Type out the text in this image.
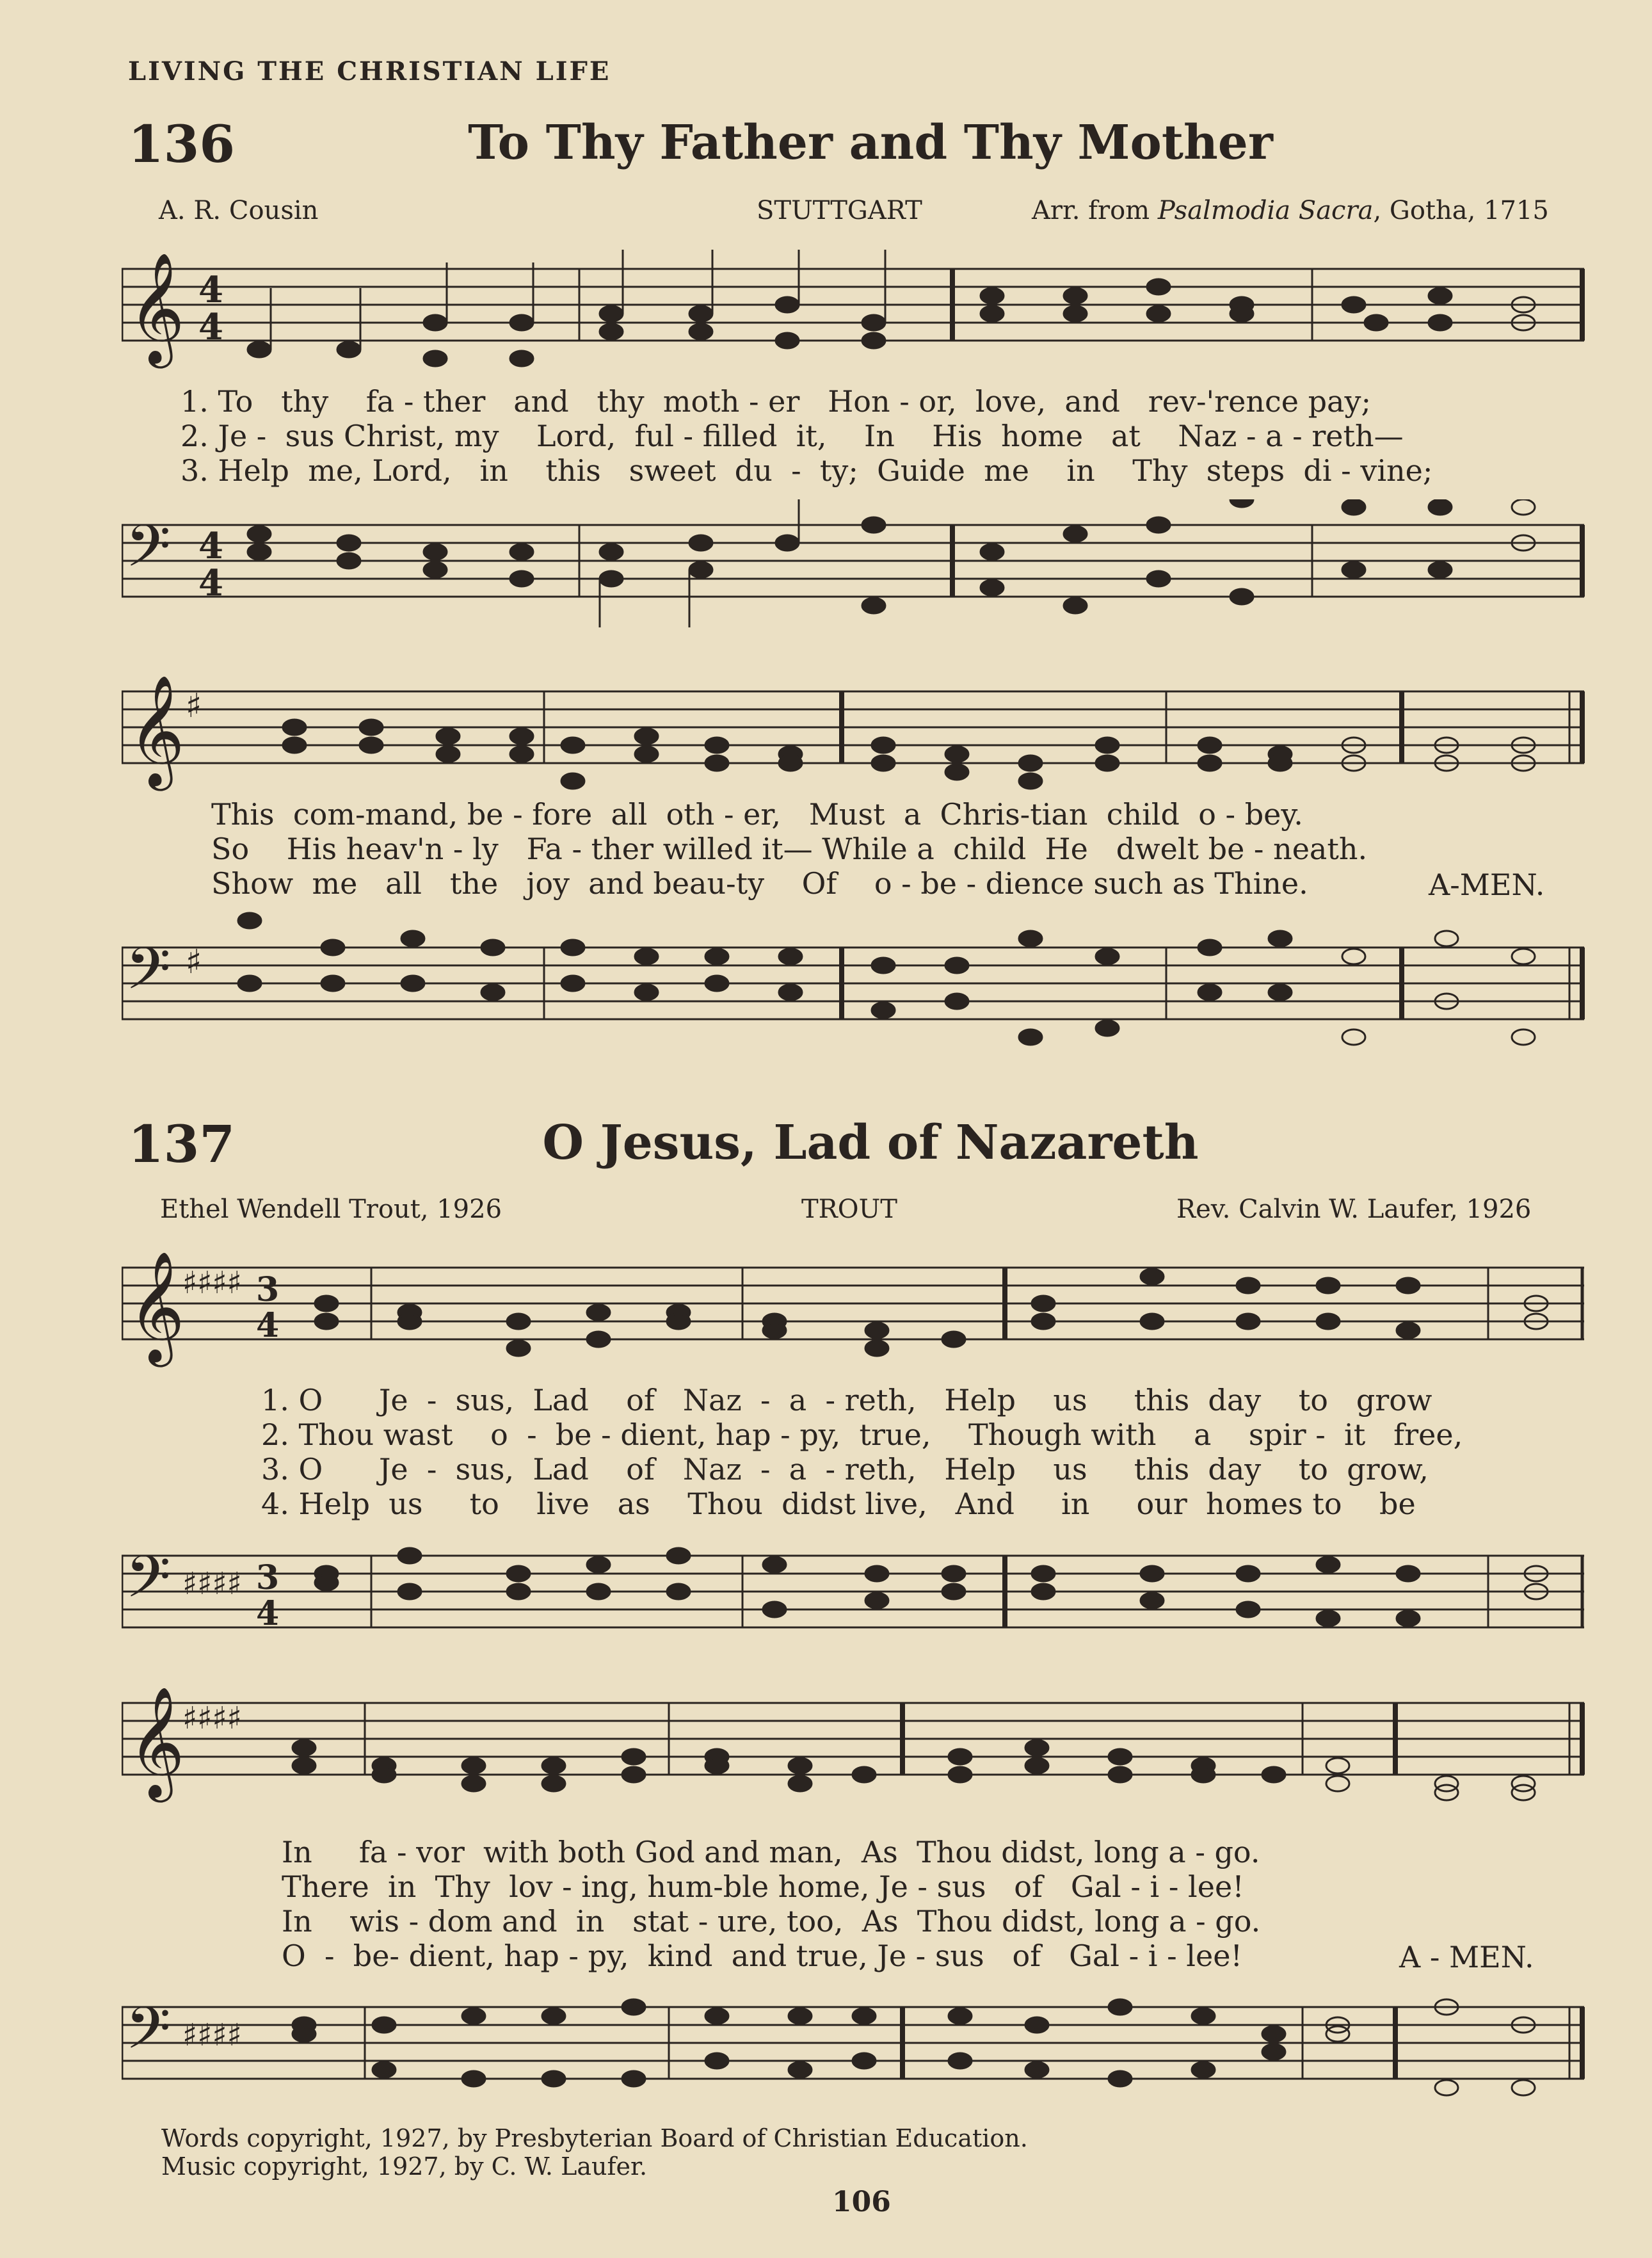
LIVING THE CHRISTIAN LIFE
136	To Thy Father and Thy Mother
A. R. Cousin	STUTTGART	Arr. from Psalmodia Sacra, Gotha, 1715
𝄞 4
4
1. To   thy    fa - ther   and   thy  moth - er   Hon - or,  love,  and   rev-'rence pay;
2. Je -  sus Christ, my    Lord,  ful - filled  it,    In    His  home   at    Naz - a - reth—
3. Help  me, Lord,   in    this   sweet  du  -  ty;  Guide  me    in    Thy  steps  di - vine;
𝄢 4
4
𝄞 ♯
This  com-mand, be - fore  all  oth - er,   Must  a  Chris-tian  child  o - bey.
So    His heav'n - ly   Fa - ther willed it— While a  child  He   dwelt be - neath.
Show  me   all   the   joy  and beau-ty    Of    o - be - dience such as Thine.	A-MEN.
𝄢 ♯
137	O Jesus, Lad of Nazareth
Ethel Wendell Trout, 1926	TROUT	Rev. Calvin W. Laufer, 1926
𝄞
♯♯♯♯ 3
4
1. O      Je  -  sus,  Lad    of   Naz  -  a  - reth,   Help    us     this  day    to   grow
2. Thou wast    o  -  be - dient, hap - py,  true,    Though with    a    spir -  it   free,
3. O      Je  -  sus,  Lad    of   Naz  -  a  - reth,   Help    us     this  day    to  grow,
4. Help  us     to    live   as    Thou  didst live,   And     in     our  homes to    be
𝄢 ♯♯♯♯ 3
4
𝄞
♯♯♯♯
In     fa - vor  with both God and man,  As  Thou didst, long a - go.
There  in  Thy  lov - ing, hum-ble home, Je - sus   of   Gal - i - lee!
In    wis - dom and  in   stat - ure, too,  As  Thou didst, long a - go.
O  -  be- dient, hap - py,  kind  and true, Je - sus   of   Gal - i - lee!	A - MEN.
𝄢 ♯♯♯♯
Words copyright, 1927, by Presbyterian Board of Christian Education.
Music copyright, 1927, by C. W. Laufer.
106
